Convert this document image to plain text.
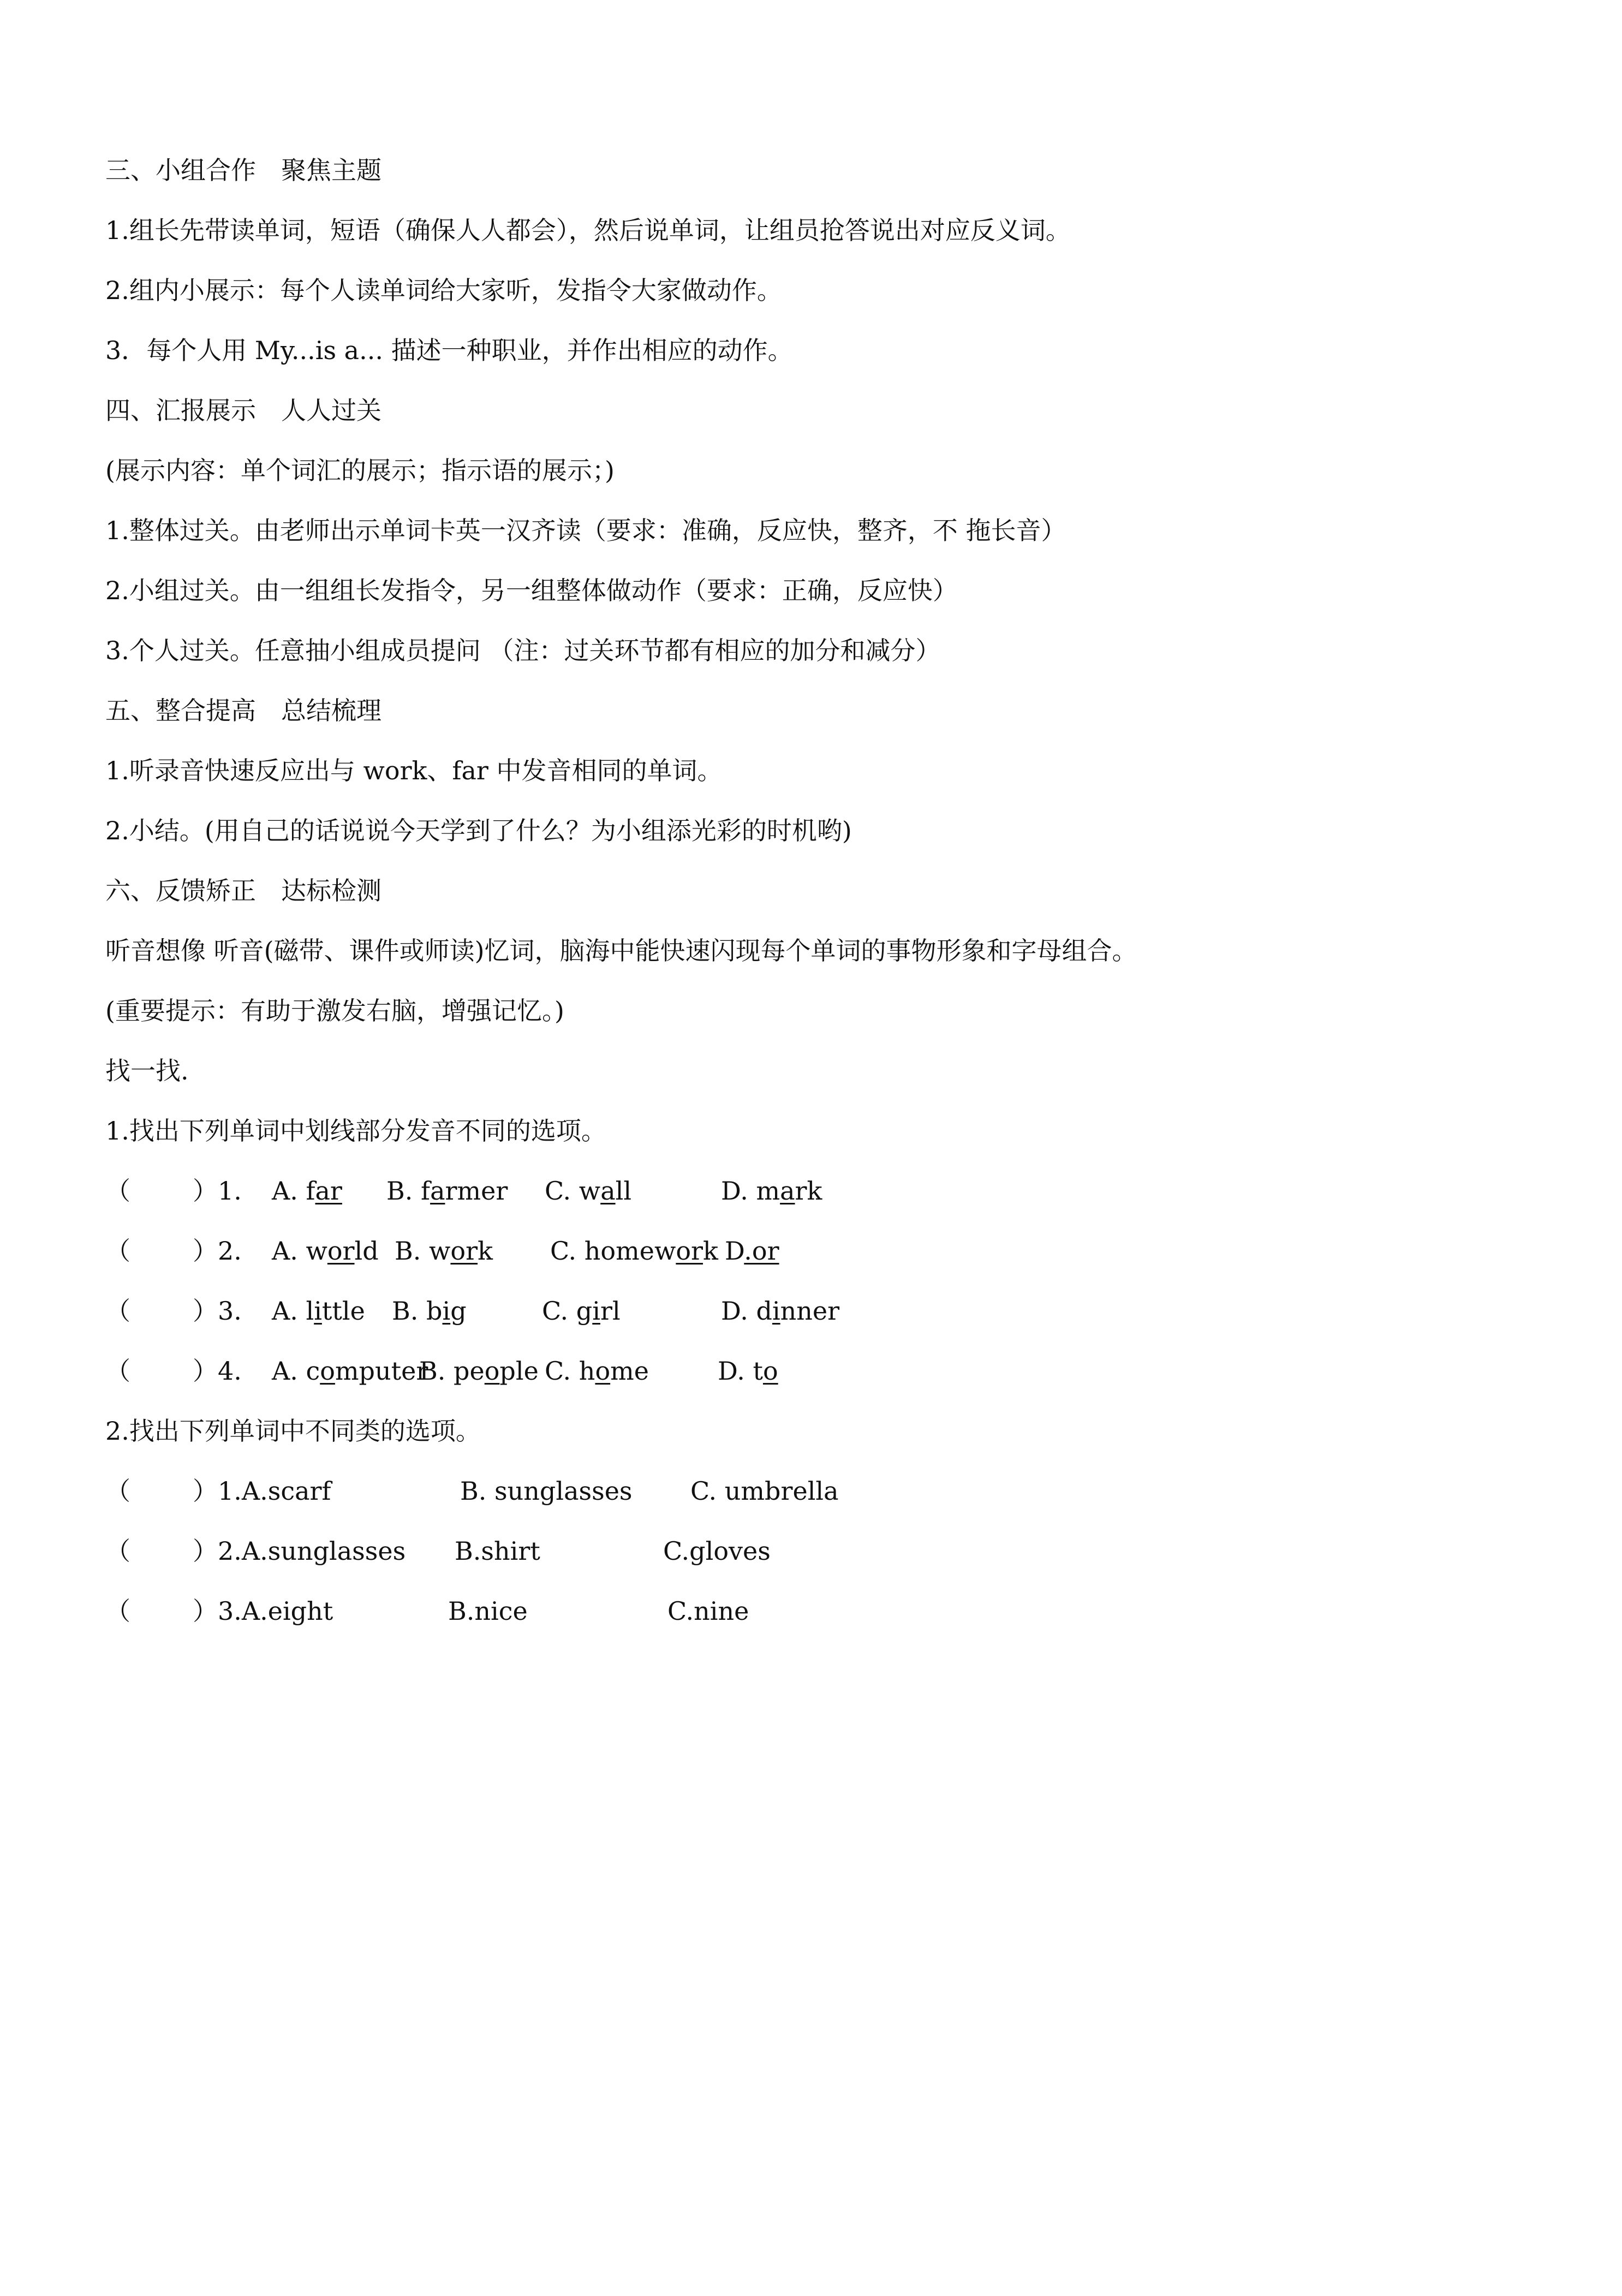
三、小组合作　聚焦主题
1.组长先带读单词，短语（确保人人都会），然后说单词，让组员抢答说出对应反义词。
2.组内小展示：每个人读单词给大家听，发指令大家做动作。
3．每个人用 My...is a... 描述一种职业，并作出相应的动作。
四、汇报展示　人人过关
(展示内容：单个词汇的展示；指示语的展示；)
1.整体过关。由老师出示单词卡英一汉齐读（要求：准确，反应快，整齐，不 拖长音）
2.小组过关。由一组组长发指令，另一组整体做动作（要求：正确，反应快）
3.个人过关。任意抽小组成员提问 （注：过关环节都有相应的加分和减分）
五、整合提高　总结梳理
1.听录音快速反应出与 work、far 中发音相同的单词。
2.小结。(用自己的话说说今天学到了什么？为小组添光彩的时机哟)
六、反馈矫正　达标检测
听音想像 听音(磁带、课件或师读)忆词，脑海中能快速闪现每个单词的事物形象和字母组合。
(重要提示：有助于激发右脑，增强记忆。)
找一找.
1.找出下列单词中划线部分发音不同的选项。
（ ）1. A. far B. farmer C. wall	D. mark
（ ）2. A. world B. work C. homework D.or
（ ）3. A. little B. big	C. girl	D. dinner
（ ）4. A. computer
B. people C. home	D. to
2.找出下列单词中不同类的选项。
（ ）1.A.scarf	B. sunglasses C. umbrella
（ ）2.A.sunglasses B.shirt	C.gloves
（ ）3.A.eight	B.nice	C.nine
